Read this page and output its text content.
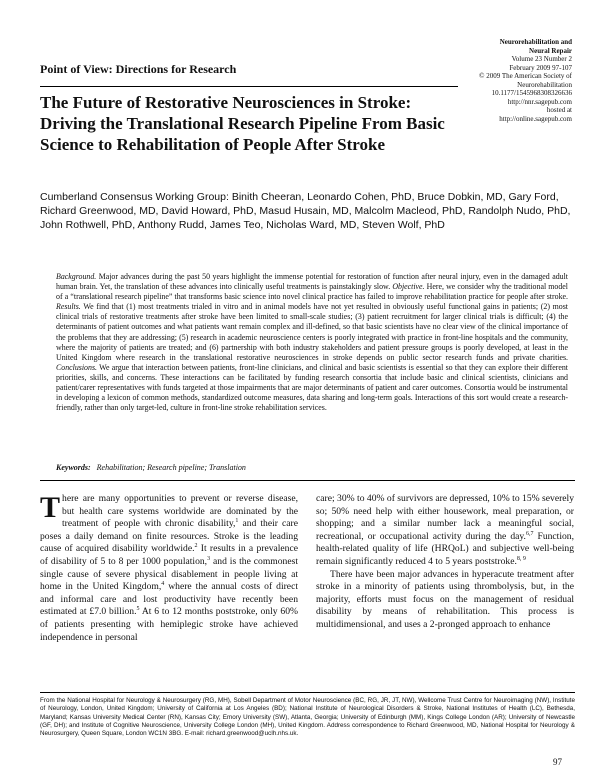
Point of View: Directions for Research
Neurorehabilitation and
Neural Repair
Volume 23 Number 2
February 2009 97-107
© 2009 The American Society of
Neurorehabilitation
10.1177/1545968308326636
http://nnr.sagepub.com
hosted at
http://online.sagepub.com
The Future of Restorative Neurosciences in Stroke: Driving the Translational Research Pipeline From Basic Science to Rehabilitation of People After Stroke
Cumberland Consensus Working Group: Binith Cheeran, Leonardo Cohen, PhD, Bruce Dobkin, MD, Gary Ford, Richard Greenwood, MD, David Howard, PhD, Masud Husain, MD, Malcolm Macleod, PhD, Randolph Nudo, PhD, John Rothwell, PhD, Anthony Rudd, James Teo, Nicholas Ward, MD, Steven Wolf, PhD
Background. Major advances during the past 50 years highlight the immense potential for restoration of function after neural injury, even in the damaged adult human brain. Yet, the translation of these advances into clinically useful treatments is painstakingly slow. Objective. Here, we consider why the traditional model of a “translational research pipeline” that transforms basic science into novel clinical practice has failed to improve rehabilitation practice for people after stroke. Results. We find that (1) most treatments trialed in vitro and in animal models have not yet resulted in obviously useful functional gains in patients; (2) most clinical trials of restorative treatments after stroke have been limited to small-scale studies; (3) patient recruitment for larger clinical trials is difficult; (4) the determinants of patient outcomes and what patients want remain complex and ill-defined, so that basic scientists have no clear view of the clinical importance of the problems that they are addressing; (5) research in academic neuroscience centers is poorly integrated with practice in front-line hospitals and the community, where the majority of patients are treated; and (6) partnership with both industry stakeholders and patient pressure groups is poorly developed, at least in the United Kingdom where research in the translational restorative neurosciences in stroke depends on public sector research funds and private charities. Conclusions. We argue that interaction between patients, front-line clinicians, and clinical and basic scientists is essential so that they can explore their different priorities, skills, and concerns. These interactions can be facilitated by funding research consortia that include basic and clinical scientists, clinicians and patient/carer representatives with funds targeted at those impairments that are major determinants of patient and carer outcomes. Consortia would be instrumental in developing a lexicon of common methods, standardized outcome measures, data sharing and long-term goals. Interactions of this sort would create a research-friendly, rather than only target-led, culture in front-line stroke rehabilitation services.
Keywords: Rehabilitation; Research pipeline; Translation

There are many opportunities to prevent or reverse disease, but health care systems worldwide are dominated by the treatment of people with chronic disability,$^1$ and their care poses a daily demand on finite resources. Stroke is the leading cause of acquired disability worldwide.$^2$ It results in a prevalence of disability of 5 to 8 per 1000 population,$^3$ and is the commonest single cause of severe physical disablement in people living at home in the United Kingdom,$^4$ where the annual costs of direct and informal care and lost productivity have recently been estimated at £7.0 billion.$^5$ At 6 to 12 months poststroke, only 60% of patients presenting with hemiplegic stroke have achieved independence in personal

care; 30% to 40% of survivors are depressed, 10% to 15% severely so; 50% need help with either housework, meal preparation, or shopping; and a similar number lack a meaningful social, recreational, or occupational activity during the day.$^{6,7}$ Function, health-related quality of life (HRQoL) and subjective well-being remain significantly reduced 4 to 5 years poststroke.$^{8, 9}$

There have been major advances in hyperacute treatment after stroke in a minority of patients using thrombolysis, but, in the majority, efforts must focus on the management of residual disability by means of rehabilitation. This process is multidimensional, and uses a 2-pronged approach to enhance

From the National Hospital for Neurology & Neurosurgery (RG, MH), Sobell Department of Motor Neuroscience (BC, RG, JR, JT, NW), Wellcome Trust Centre for Neuroimaging (NW), Institute of Neurology, London, United Kingdom; University of California at Los Angeles (BD); National Institute of Neurological Disorders & Stroke, National Institutes of Health (LC), Bethesda, Maryland; Kansas University Medical Center (RN), Kansas City; Emory University (SW), Atlanta, Georgia; University of Edinburgh (MM), Kings College London (AR); University of Newcastle (GF, DH); and Institute of Cognitive Neuroscience, University College London (MH), United Kingdom. Address correspondence to Richard Greenwood, MD, National Hospital for Neurology & Neurosurgery, Queen Square, London WC1N 3BG. E-mail: richard.greenwood@uclh.nhs.uk.
97
